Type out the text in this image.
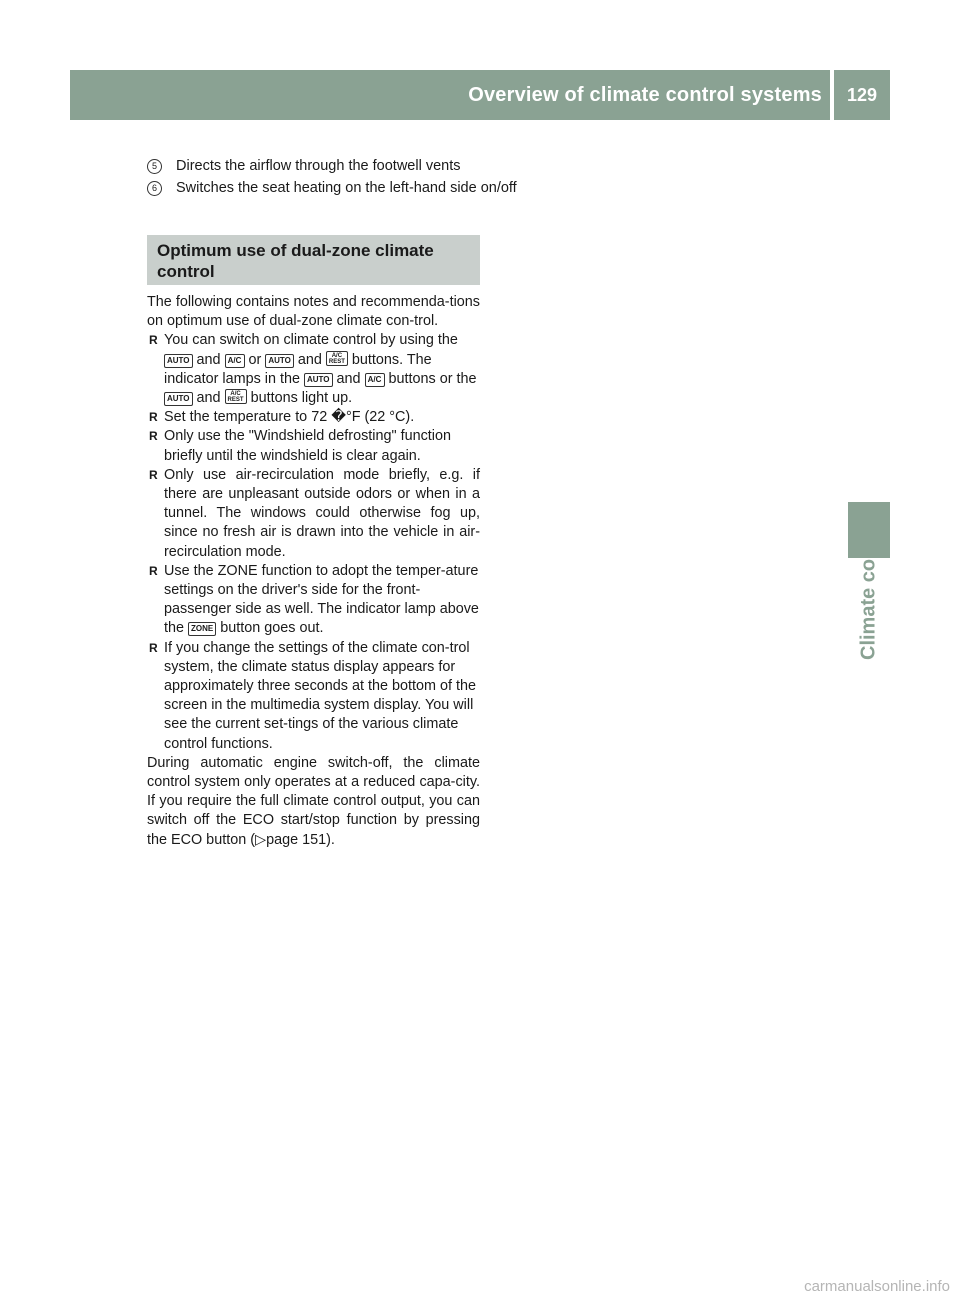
Overview of climate control systems	129
Climate control
5	Directs the airflow through the footwell vents
6	Switches the seat heating on the left-hand side on/off
Optimum use of dual-zone climate control

The following contains notes and recommenda-tions on optimum use of dual-zone climate con-trol.

R You can switch on climate control by using the AUTO and A/C or AUTO and A/C
REST buttons. The indicator lamps in the AUTO and A/C buttons or the AUTO and A/C
REST buttons light up.
R Set the temperature to 72 �°F (22 °C).
R Only use the "Windshield defrosting" function briefly until the windshield is clear again.
R Only use air-recirculation mode briefly, e.g. if there are unpleasant outside odors or when in a tunnel. The windows could otherwise fog up, since no fresh air is drawn into the vehicle in air-recirculation mode.
R Use the ZONE function to adopt the temper-ature settings on the driver's side for the front-passenger side as well. The indicator lamp above the ZONE button goes out.
R If you change the settings of the climate con-trol system, the climate status display appears for approximately three seconds at the bottom of the screen in the multimedia system display. You will see the current set-tings of the various climate control functions.

During automatic engine switch-off, the climate control system only operates at a reduced capa-city. If you require the full climate control output, you can switch off the ECO start/stop function by pressing the ECO button (▷page 151).

carmanualsonline.info
